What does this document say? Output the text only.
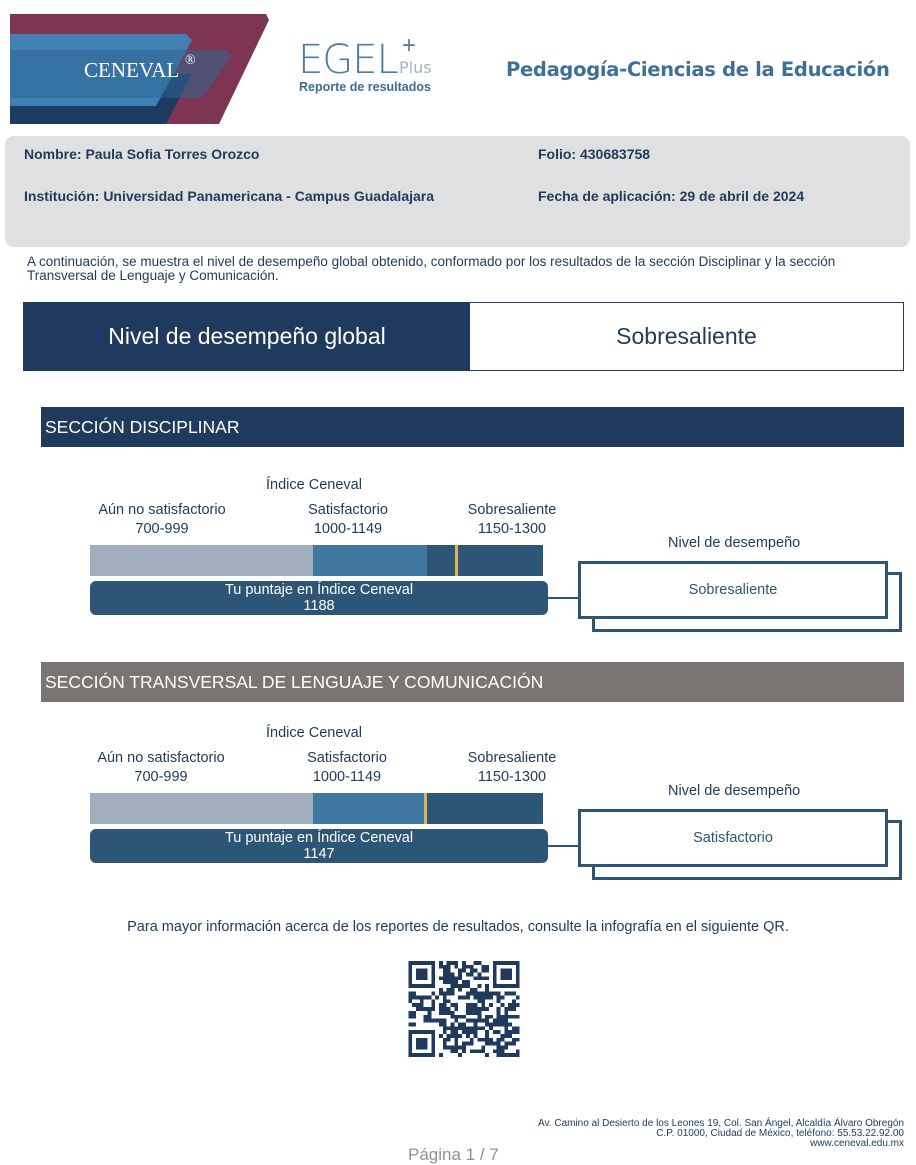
CENEVAL ®	EGEL +
Plus
Reporte de resultados
Pedagogía-Ciencias de la Educación
Nombre: Paula Sofia Torres Orozco	Folio: 430683758
Institución: Universidad Panamericana - Campus Guadalajara	Fecha de aplicación: 29 de abril de 2024

A continuación, se muestra el nivel de desempeño global obtenido, conformado por los resultados de la sección Disciplinar y la sección Transversal de Lenguaje y Comunicación.

Nivel de desempeño global	Sobresaliente
SECCIÓN DISCIPLINAR
Índice Ceneval
Aún no satisfactorio
700-999
Satisfactorio
1000-1149
Sobresaliente
1150-1300
Tu puntaje en Índice Ceneval
1188
Nivel de desempeño
Sobresaliente
SECCIÓN TRANSVERSAL DE LENGUAJE Y COMUNICACIÓN
Índice Ceneval
Aún no satisfactorio
700-999
Satisfactorio
1000-1149
Sobresaliente
1150-1300
Tu puntaje en Índice Ceneval
1147
Nivel de desempeño
Satisfactorio
Para mayor información acerca de los reportes de resultados, consulte la infografía en el siguiente QR.
Av. Camino al Desierto de los Leones 19, Col. San Ángel, Alcaldía Álvaro Obregón
C.P. 01000, Ciudad de México, teléfono: 55.53.22.92.00
www.ceneval.edu.mx
Página 1 / 7
